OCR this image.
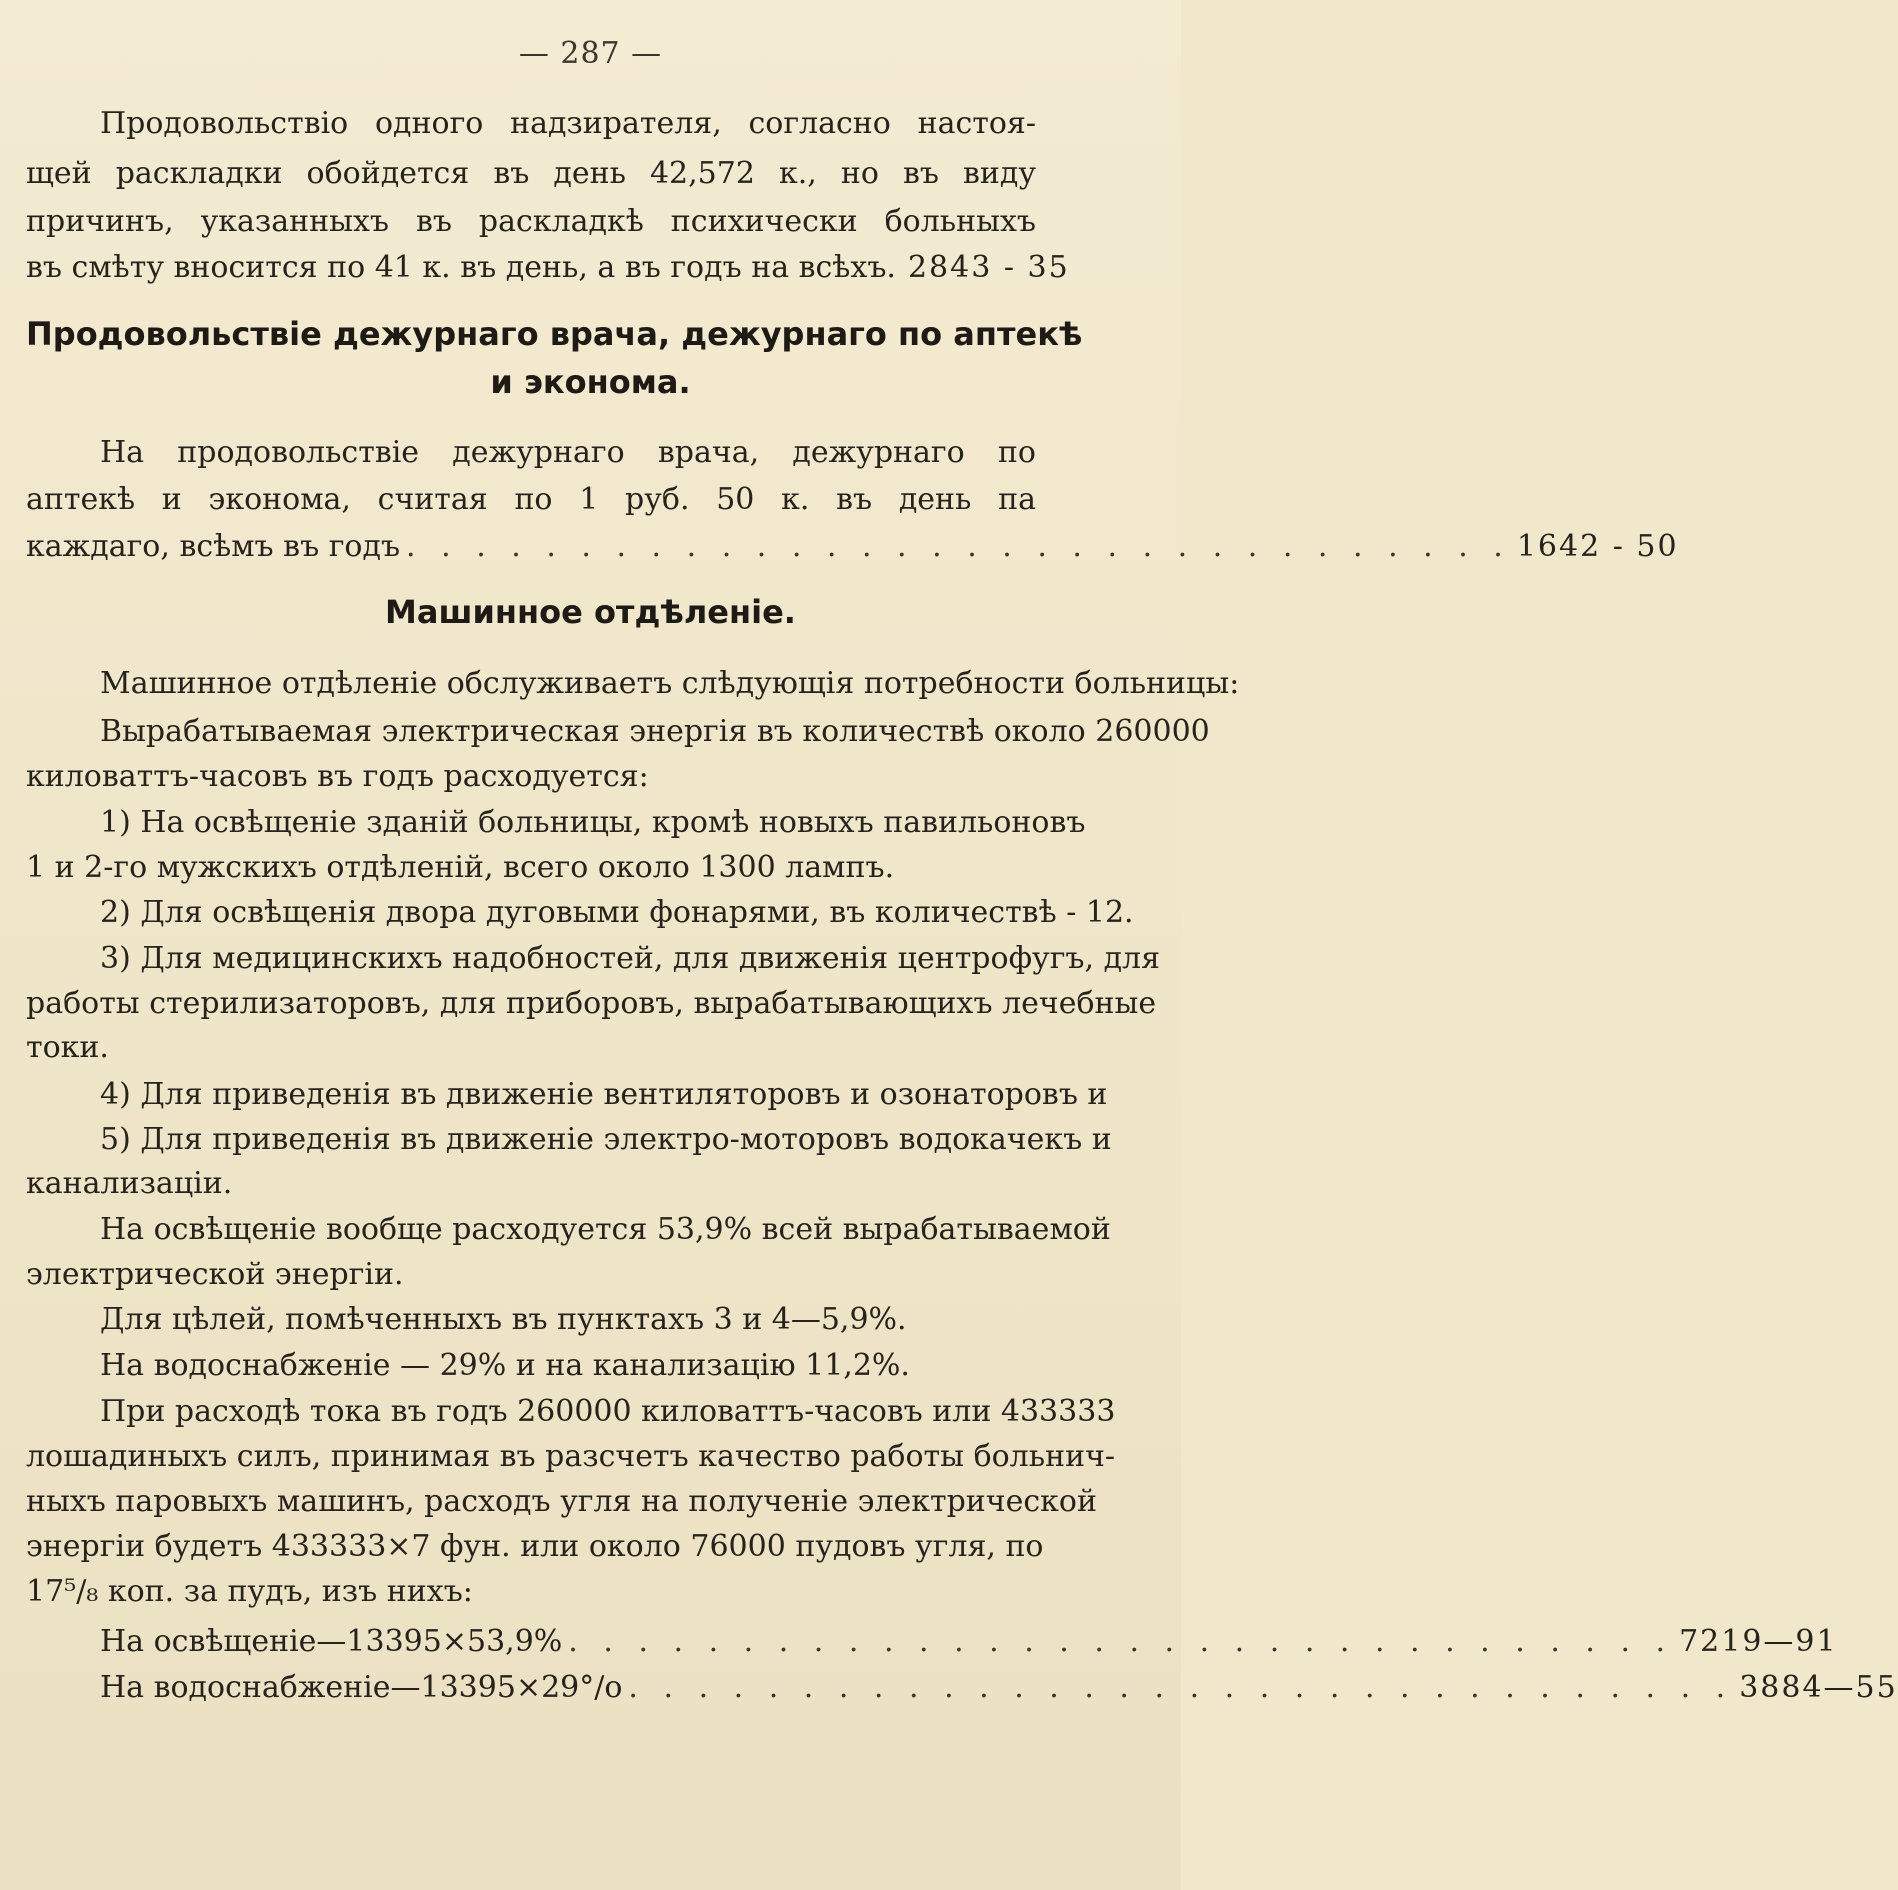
— 287 —
Продовольствіо одного надзирателя, согласно настоя-
щей раскладки обойдется въ день 42,572 к., но въ виду
причинъ, указанныхъ въ раскладкѣ психически больныхъ
въ смѣту вносится по 41 к. въ день, а въ годъ на всѣхъ. 2843 - 35
Продовольствіе дежурнаго врача, дежурнаго по аптекѣ
и эконома.
На продовольствіе дежурнаго врача, дежурнаго по
аптекѣ и эконома, считая по 1 руб. 50 к. въ день па
каждаго, всѣмъ въ годъ . . . . . . . . . . . . . . . . . . . . . . . . . . . . . . . . 1642 - 50
Машинное отдѣленіе.
Машинное отдѣленіе обслуживаетъ слѣдующія потребности больницы:
Вырабатываемая электрическая энергія въ количествѣ около 260000
киловаттъ-часовъ въ годъ расходуется:
1) На освѣщеніе зданій больницы, кромѣ новыхъ павильоновъ
1 и 2-го мужскихъ отдѣленій, всего около 1300 лампъ.
2) Для освѣщенія двора дуговыми фонарями, въ количествѣ - 12.
3) Для медицинскихъ надобностей, для движенія центрофугъ, для
работы стерилизаторовъ, для приборовъ, вырабатывающихъ лечебные
токи.
4) Для приведенія въ движеніе вентиляторовъ и озонаторовъ и
5) Для приведенія въ движеніе электро-моторовъ водокачекъ и
канализаціи.
На освѣщеніе вообще расходуется 53,9% всей вырабатываемой
электрической энергіи.
Для цѣлей, помѣченныхъ въ пунктахъ 3 и 4—5,9%.
На водоснабженіе — 29% и на канализацію 11,2%.
При расходѣ тока въ годъ 260000 киловаттъ-часовъ или 433333
лошадиныхъ силъ, принимая въ разсчетъ качество работы больнич-
ныхъ паровыхъ машинъ, расходъ угля на полученіе электрической
энергіи будетъ 433333×7 фун. или около 76000 пудовъ угля, по
17⁵/₈ коп. за пудъ, изъ нихъ:
На освѣщеніе—13395×53,9% . . . . . . . . . . . . . . . . . . . . . . . . . . . . . . . . 7219—91
На водоснабженіе—13395×29°/о . . . . . . . . . . . . . . . . . . . . . . . . . . . . . . . . 3884—55
